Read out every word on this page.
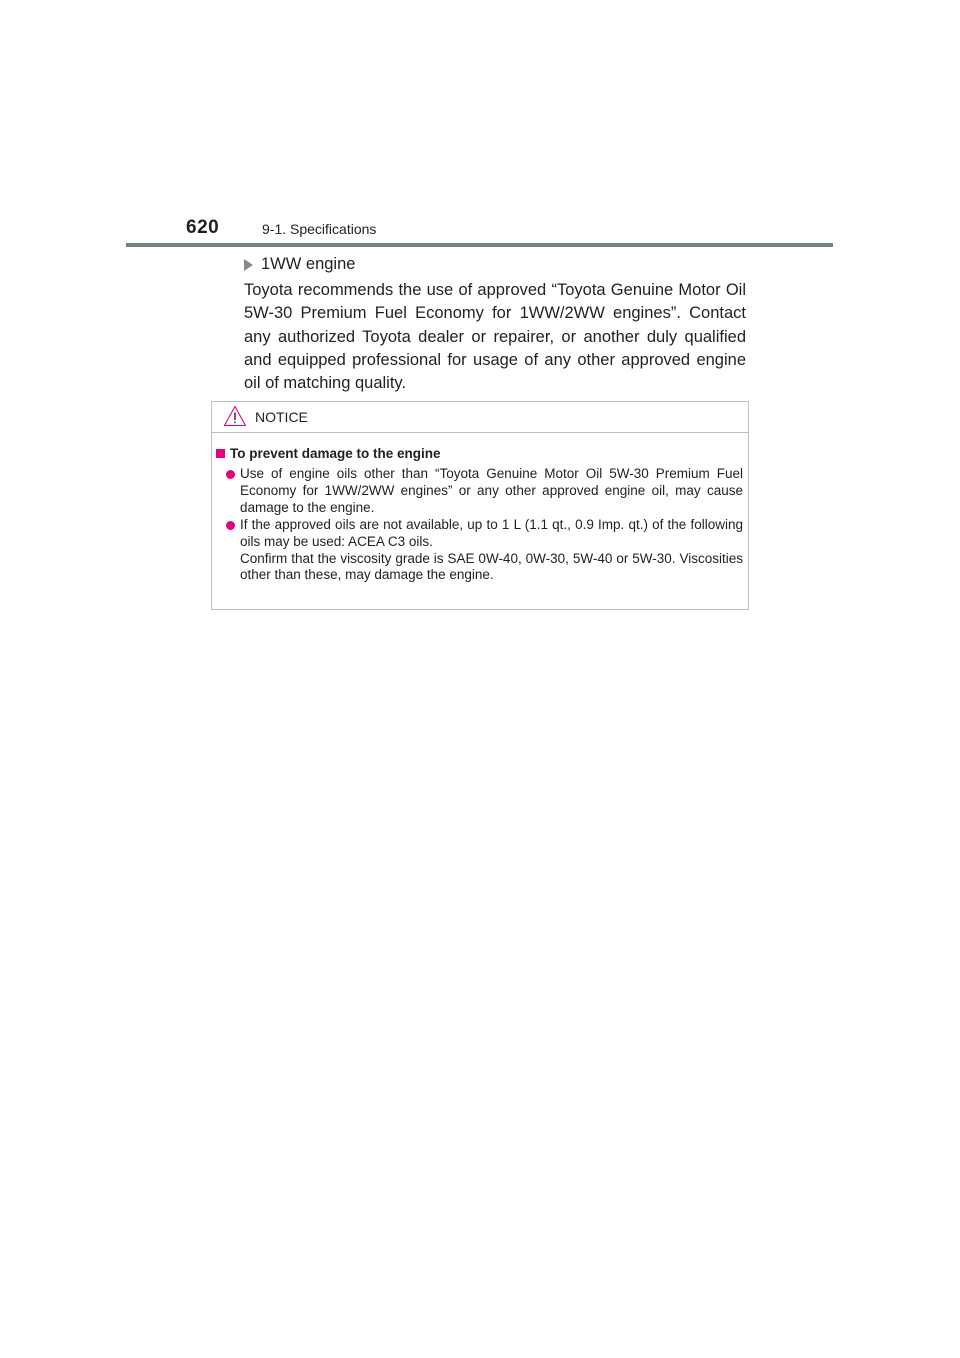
620	9-1. Specifications
1WW engine

Toyota recommends the use of approved “Toyota Genuine Motor Oil 5W-30 Premium Fuel Economy for 1WW/2WW engines”. Contact any authorized Toyota dealer or repairer, or another duly qualified and equipped professional for usage of any other approved engine oil of matching quality.

NOTICE
To prevent damage to the engine
Use of engine oils other than “Toyota Genuine Motor Oil 5W-30 Premium Fuel Economy for 1WW/2WW engines” or any other approved engine oil, may cause damage to the engine.
If the approved oils are not available, up to 1 L (1.1 qt., 0.9 Imp. qt.) of the following oils may be used: ACEA C3 oils.
Confirm that the viscosity grade is SAE 0W-40, 0W-30, 5W-40 or 5W-30. Viscosities other than these, may damage the engine.
